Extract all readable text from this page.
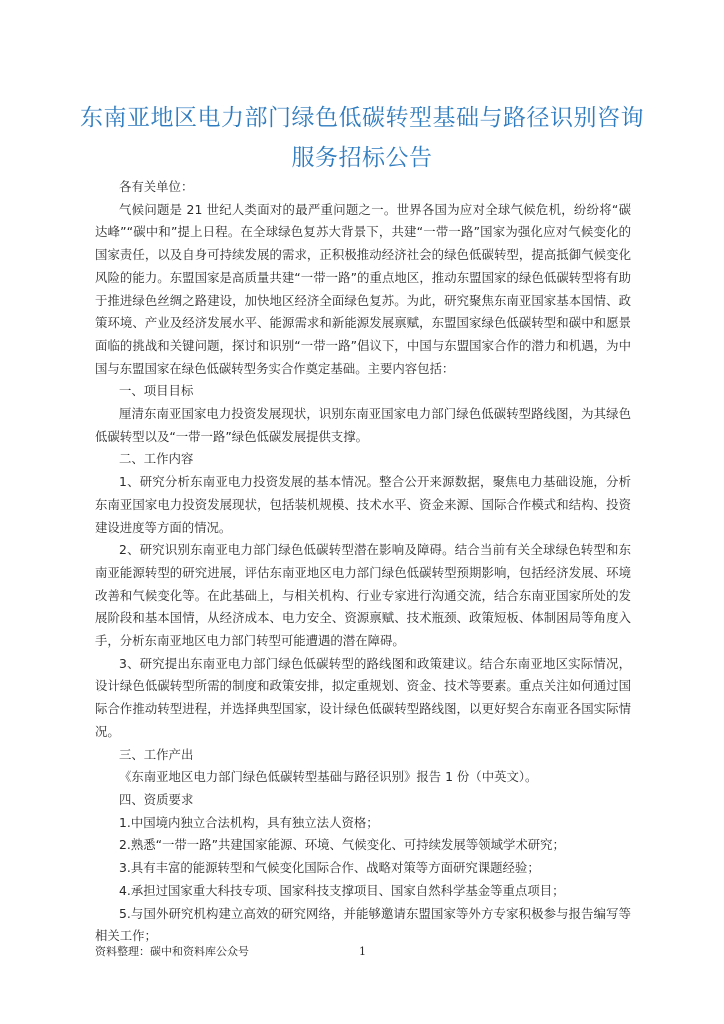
东南亚地区电力部门绿色低碳转型基础与路径识别咨询
服务招标公告

各有关单位：

气候问题是 21 世纪人类面对的最严重问题之一。世界各国为应对全球气候危机，纷纷将“碳达峰”“碳中和”提上日程。在全球绿色复苏大背景下，共建“一带一路”国家为强化应对气候变化的国家责任，以及自身可持续发展的需求，正积极推动经济社会的绿色低碳转型，提高抵御气候变化风险的能力。东盟国家是高质量共建“一带一路”的重点地区，推动东盟国家的绿色低碳转型将有助于推进绿色丝绸之路建设，加快地区经济全面绿色复苏。为此，研究聚焦东南亚国家基本国情、政策环境、产业及经济发展水平、能源需求和新能源发展禀赋，东盟国家绿色低碳转型和碳中和愿景面临的挑战和关键问题，探讨和识别“一带一路”倡议下，中国与东盟国家合作的潜力和机遇，为中国与东盟国家在绿色低碳转型务实合作奠定基础。主要内容包括：

一、项目目标

厘清东南亚国家电力投资发展现状，识别东南亚国家电力部门绿色低碳转型路线图，为其绿色低碳转型以及“一带一路”绿色低碳发展提供支撑。

二、工作内容

1、研究分析东南亚电力投资发展的基本情况。整合公开来源数据，聚焦电力基础设施，分析东南亚国家电力投资发展现状，包括装机规模、技术水平、资金来源、国际合作模式和结构、投资建设进度等方面的情况。

2、研究识别东南亚电力部门绿色低碳转型潜在影响及障碍。结合当前有关全球绿色转型和东南亚能源转型的研究进展，评估东南亚地区电力部门绿色低碳转型预期影响，包括经济发展、环境改善和气候变化等。在此基础上，与相关机构、行业专家进行沟通交流，结合东南亚国家所处的发展阶段和基本国情，从经济成本、电力安全、资源禀赋、技术瓶颈、政策短板、体制困局等角度入手，分析东南亚地区电力部门转型可能遭遇的潜在障碍。

3、研究提出东南亚电力部门绿色低碳转型的路线图和政策建议。结合东南亚地区实际情况，设计绿色低碳转型所需的制度和政策安排，拟定重规划、资金、技术等要素。重点关注如何通过国际合作推动转型进程，并选择典型国家，设计绿色低碳转型路线图，以更好契合东南亚各国实际情况。

三、工作产出

《东南亚地区电力部门绿色低碳转型基础与路径识别》报告 1 份（中英文）。

四、资质要求

1.中国境内独立合法机构，具有独立法人资格；

2.熟悉“一带一路”共建国家能源、环境、气候变化、可持续发展等领域学术研究；

3.具有丰富的能源转型和气候变化国际合作、战略对策等方面研究课题经验；

4.承担过国家重大科技专项、国家科技支撑项目、国家自然科学基金等重点项目；

5.与国外研究机构建立高效的研究网络，并能够邀请东盟国家等外方专家积极参与报告编写等相关工作；

资料整理：碳中和资料库公众号	1
